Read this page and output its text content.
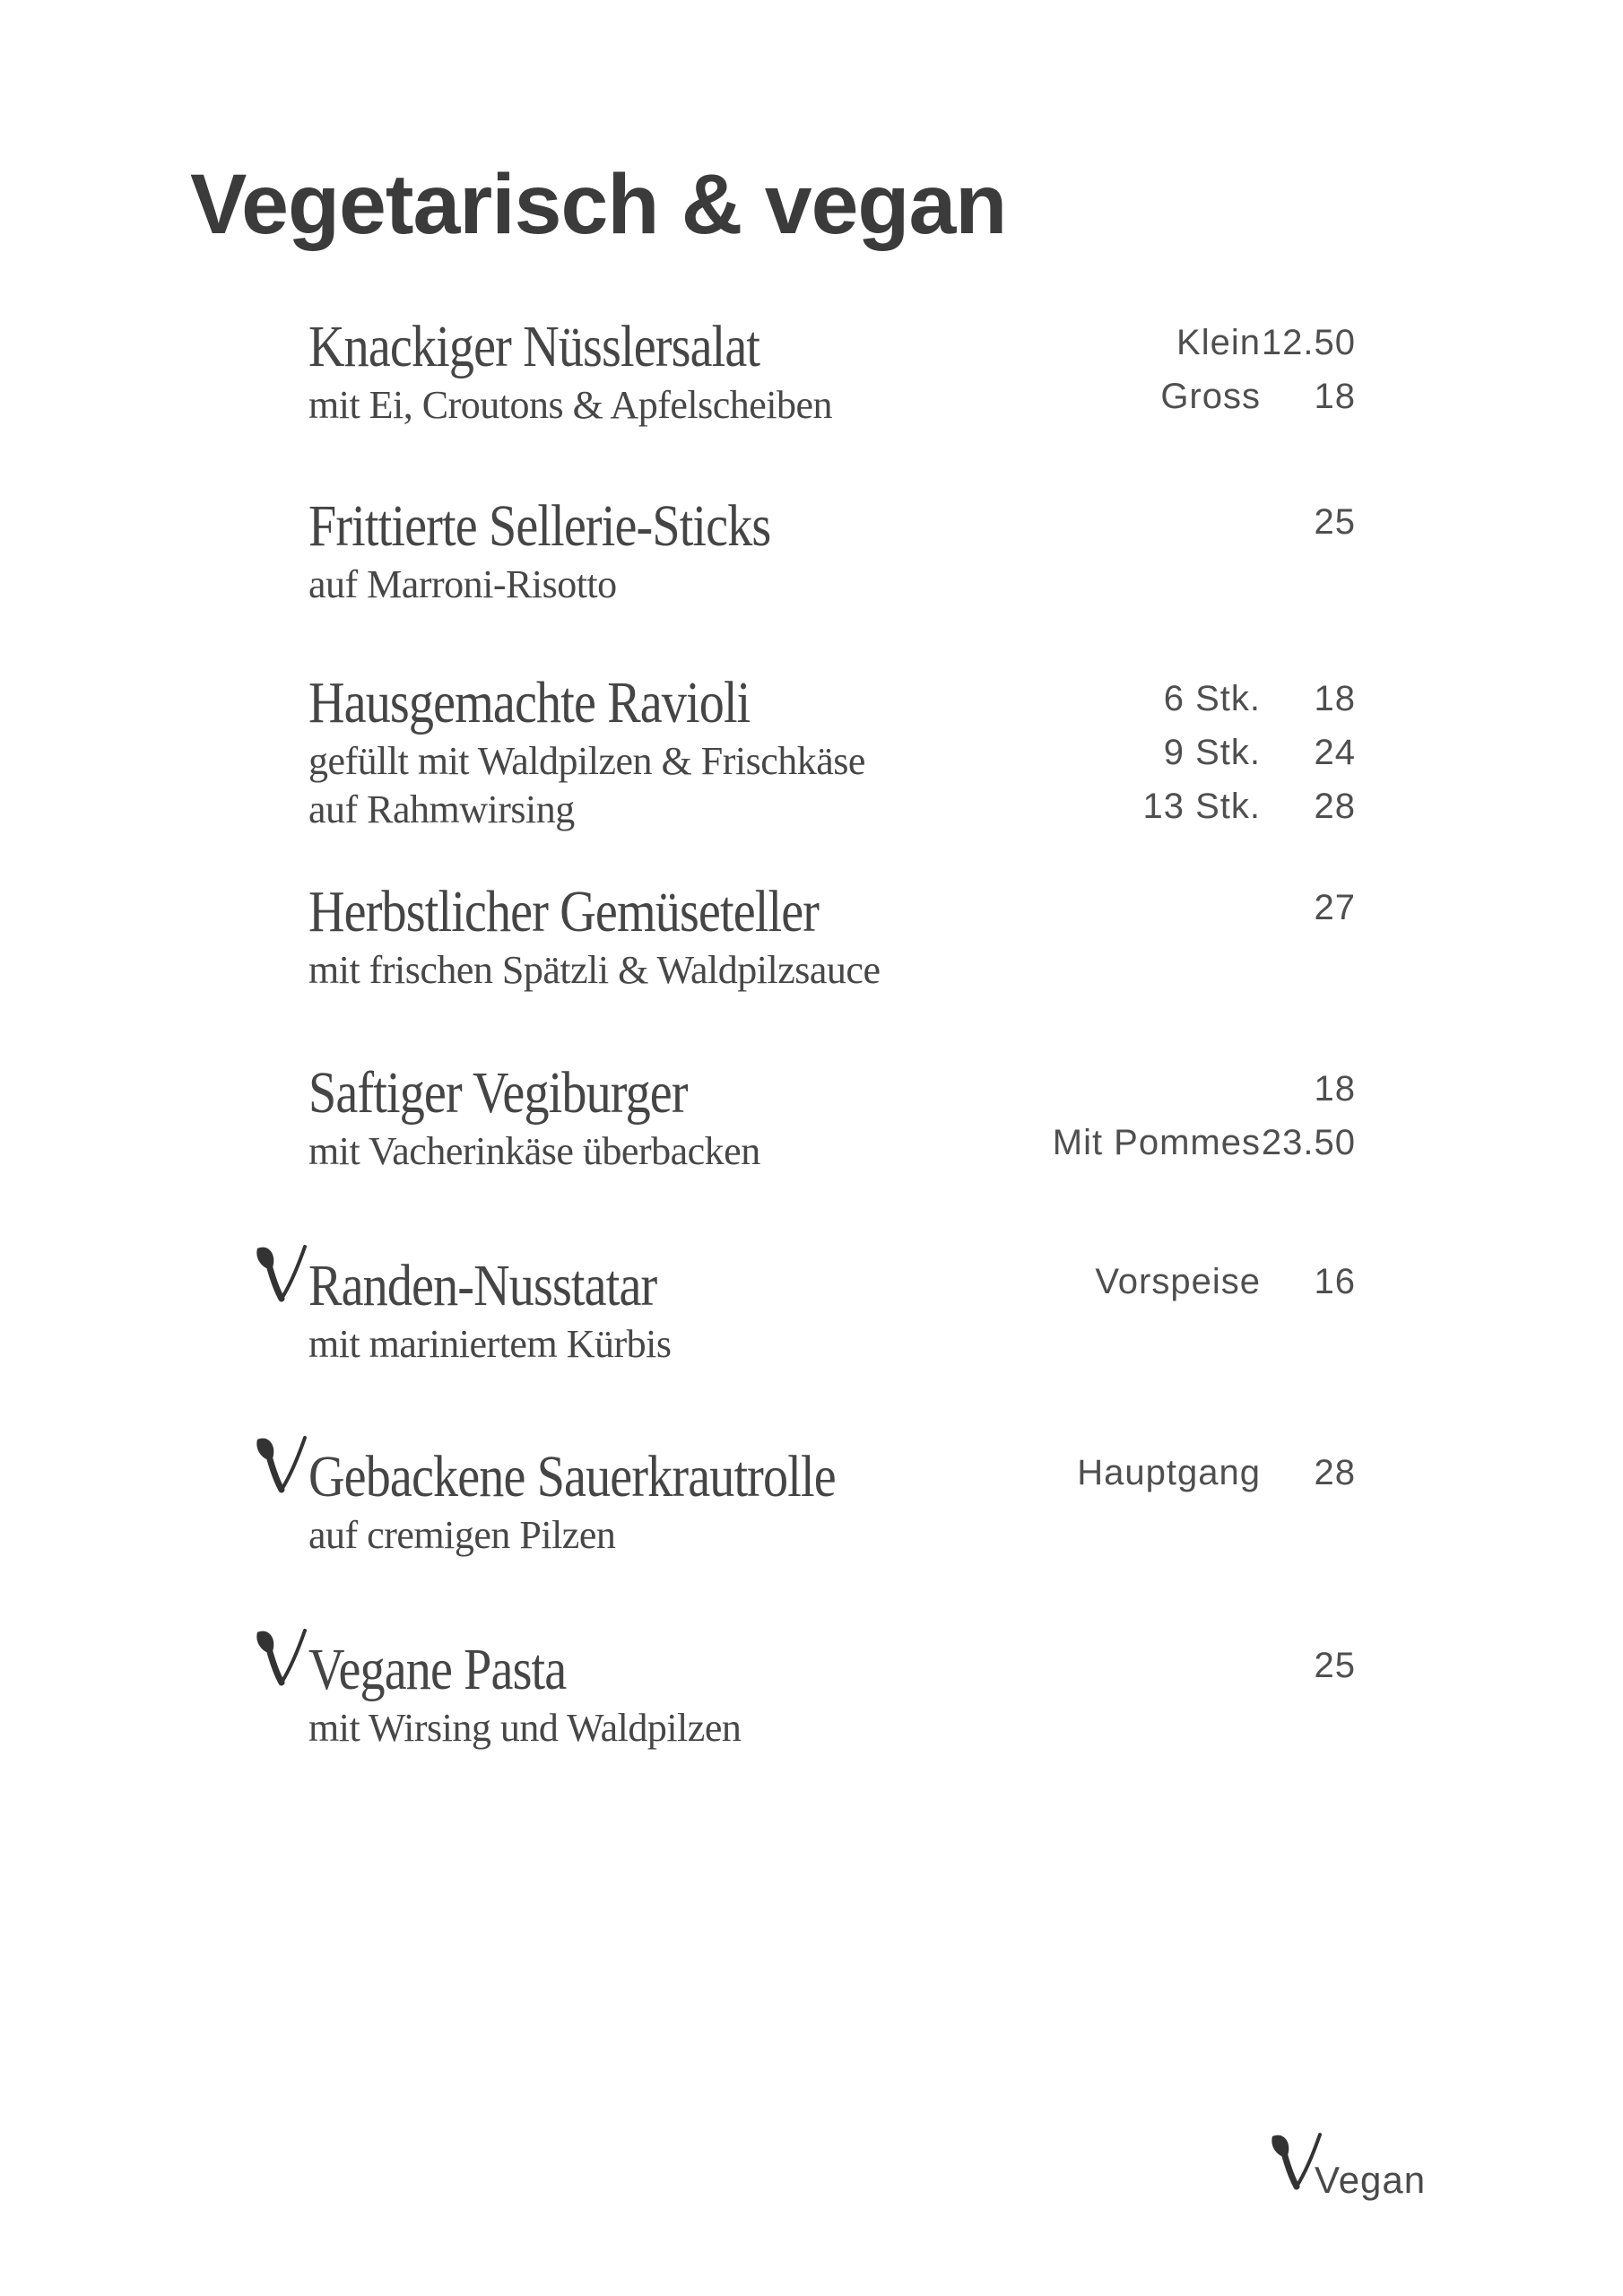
Vegetarisch & vegan
Knackiger Nüsslersalat
mit Ei, Croutons & Apfelscheiben
Klein 12.50
Gross	18
Frittierte Sellerie-Sticks
auf Marroni-Risotto
25
Hausgemachte Ravioli
gefüllt mit Waldpilzen & Frischkäse
auf Rahmwirsing
6 Stk.	18
9 Stk.	24
13 Stk.	28
Herbstlicher Gemüseteller
mit frischen Spätzli & Waldpilzsauce
27
Saftiger Vegiburger
mit Vacherinkäse überbacken
18
Mit Pommes 23.50
Randen-Nusstatar
mit mariniertem Kürbis
Vorspeise	16
Gebackene Sauerkrautrolle
auf cremigen Pilzen
Hauptgang	28
Vegane Pasta
mit Wirsing und Waldpilzen
25
Vegan
